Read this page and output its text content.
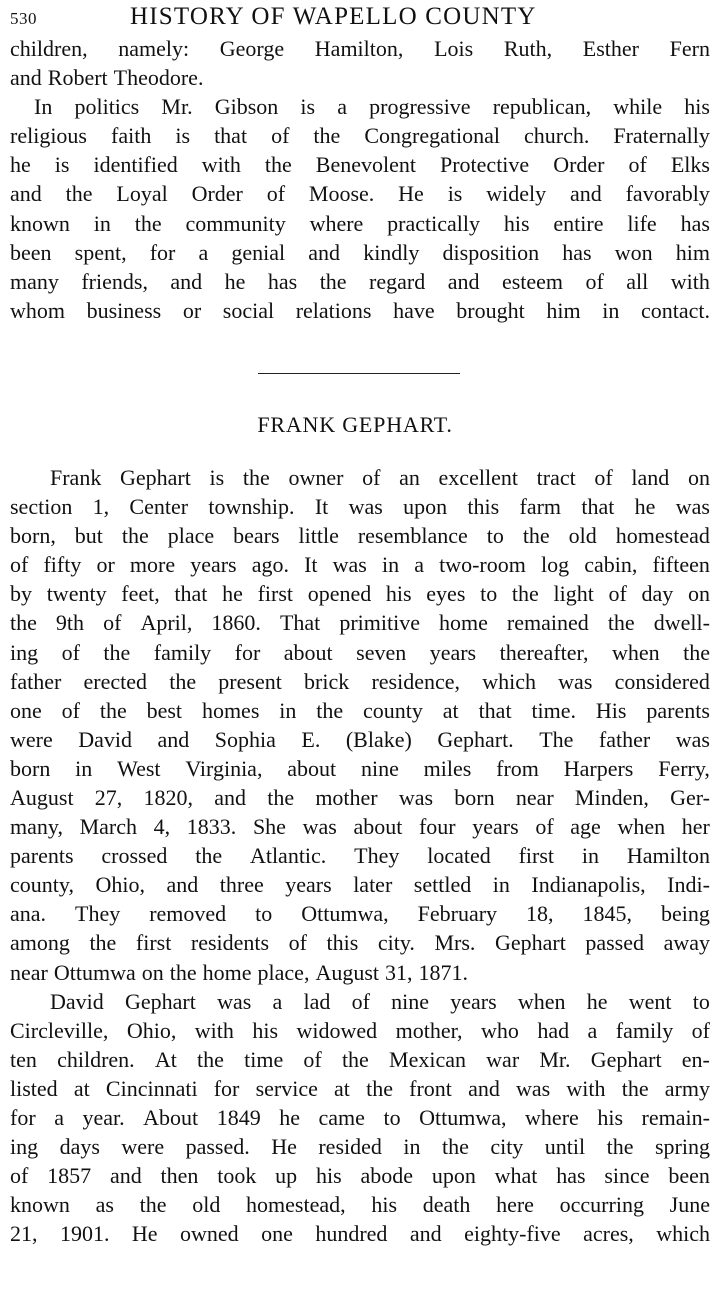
530	HISTORY OF WAPELLO COUNTY
children, namely: George Hamilton, Lois Ruth, Esther Fern
and Robert Theodore.
In politics Mr. Gibson is a progressive republican, while his
religious faith is that of the Congregational church. Fraternally
he is identified with the Benevolent Protective Order of Elks
and the Loyal Order of Moose. He is widely and favorably
known in the community where practically his entire life has
been spent, for a genial and kindly disposition has won him
many friends, and he has the regard and esteem of all with
whom business or social relations have brought him in contact.
FRANK GEPHART.
Frank Gephart is the owner of an excellent tract of land on
section 1, Center township. It was upon this farm that he was
born, but the place bears little resemblance to the old homestead
of fifty or more years ago. It was in a two-room log cabin, fifteen
by twenty feet, that he first opened his eyes to the light of day on
the 9th of April, 1860. That primitive home remained the dwell-
ing of the family for about seven years thereafter, when the
father erected the present brick residence, which was considered
one of the best homes in the county at that time. His parents
were David and Sophia E. (Blake) Gephart. The father was
born in West Virginia, about nine miles from Harpers Ferry,
August 27, 1820, and the mother was born near Minden, Ger-
many, March 4, 1833. She was about four years of age when her
parents crossed the Atlantic. They located first in Hamilton
county, Ohio, and three years later settled in Indianapolis, Indi-
ana. They removed to Ottumwa, February 18, 1845, being
among the first residents of this city. Mrs. Gephart passed away
near Ottumwa on the home place, August 31, 1871.
David Gephart was a lad of nine years when he went to
Circleville, Ohio, with his widowed mother, who had a family of
ten children. At the time of the Mexican war Mr. Gephart en-
listed at Cincinnati for service at the front and was with the army
for a year. About 1849 he came to Ottumwa, where his remain-
ing days were passed. He resided in the city until the spring
of 1857 and then took up his abode upon what has since been
known as the old homestead, his death here occurring June
21, 1901. He owned one hundred and eighty-five acres, which
